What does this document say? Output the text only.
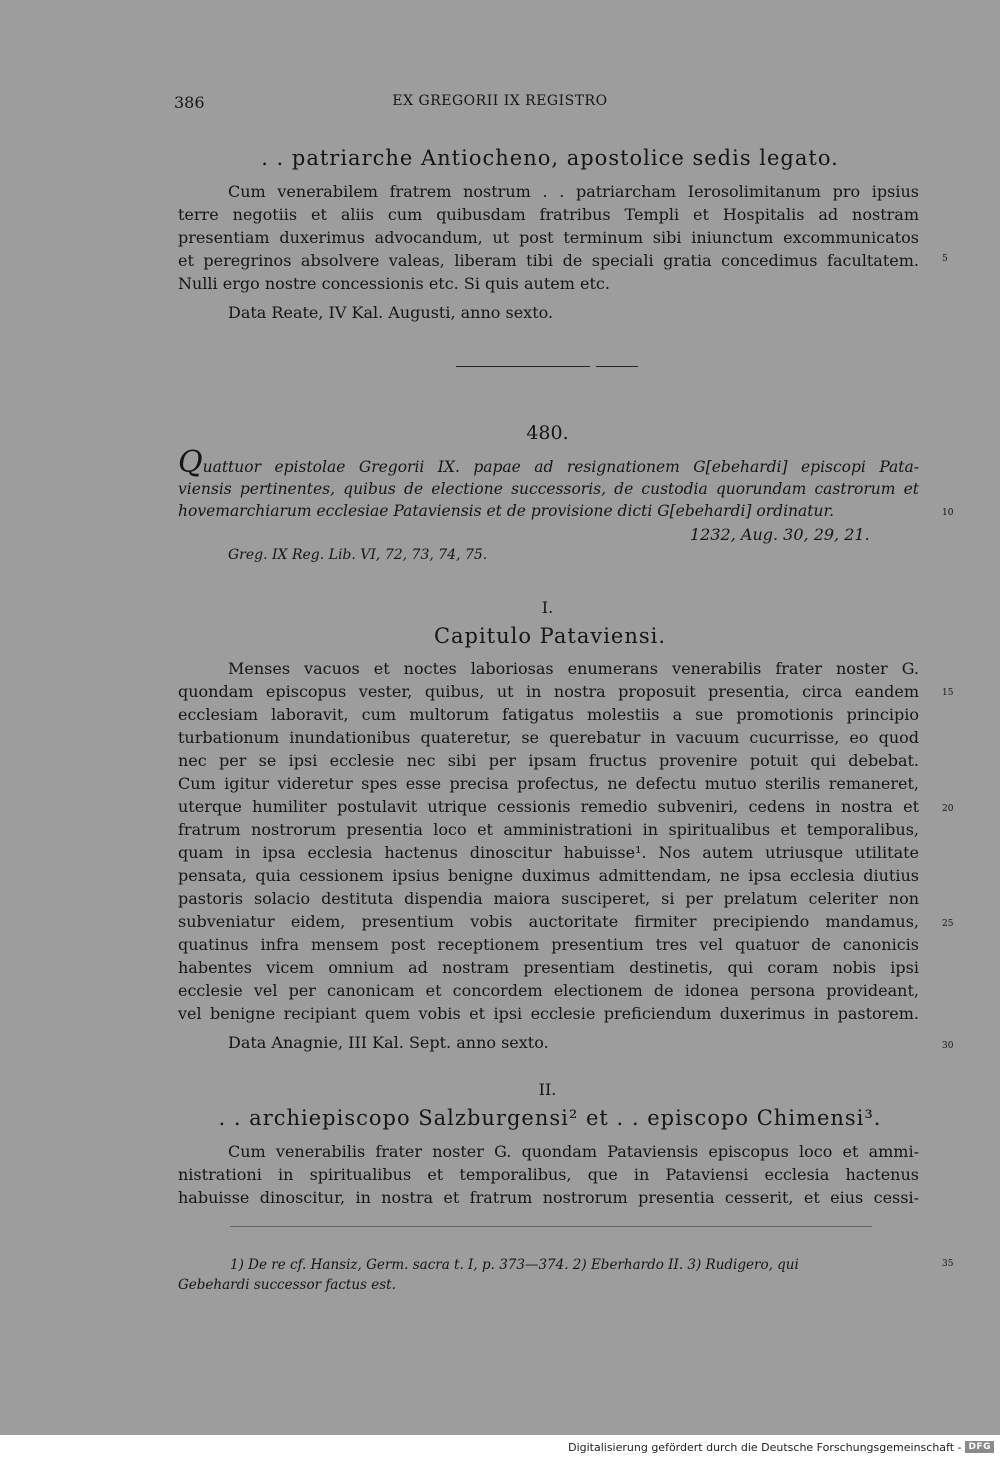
386	EX GREGORII IX REGISTRO
. . patriarche Antiocheno, apostolice sedis legato.

Cum venerabilem fratrem nostrum . . patriarcham Ierosolimitanum pro ipsius

terre negotiis et aliis cum quibusdam fratribus Templi et Hospitalis ad nostram

presentiam duxerimus advocandum, ut post terminum sibi iniunctum excommunicatos

et peregrinos absolvere valeas, liberam tibi de speciali gratia concedimus facultatem.

Nulli ergo nostre concessionis etc. Si quis autem etc.

Data Reate, IV Kal. Augusti, anno sexto.

5
480.
Quattuor epistolae Gregorii IX. papae ad resignationem G[ebehardi] episcopi Pata-
viensis pertinentes, quibus de electione successoris, de custodia quorundam castrorum et
hovemarchiarum ecclesiae Pataviensis et de provisione dicti G[ebehardi] ordinatur.	10
1232, Aug. 30, 29, 21.
Greg. IX Reg. Lib. VI, 72, 73, 74, 75.
I.
Capitulo Pataviensi.

Menses vacuos et noctes laboriosas enumerans venerabilis frater noster G.

quondam episcopus vester, quibus, ut in nostra proposuit presentia, circa eandem

ecclesiam laboravit, cum multorum fatigatus molestiis a sue promotionis principio

turbationum inundationibus quateretur, se querebatur in vacuum cucurrisse, eo quod

nec per se ipsi ecclesie nec sibi per ipsam fructus provenire potuit qui debebat.

Cum igitur videretur spes esse precisa profectus, ne defectu mutuo sterilis remaneret,

uterque humiliter postulavit utrique cessionis remedio subveniri, cedens in nostra et

fratrum nostrorum presentia loco et amministrationi in spiritualibus et temporalibus,

quam in ipsa ecclesia hactenus dinoscitur habuisse¹. Nos autem utriusque utilitate

pensata, quia cessionem ipsius benigne duximus admittendam, ne ipsa ecclesia diutius

pastoris solacio destituta dispendia maiora susciperet, si per prelatum celeriter non

subveniatur eidem, presentium vobis auctoritate firmiter precipiendo mandamus,

quatinus infra mensem post receptionem presentium tres vel quatuor de canonicis

habentes vicem omnium ad nostram presentiam destinetis, qui coram nobis ipsi

ecclesie vel per canonicam et concordem electionem de idonea persona provideant,

vel benigne recipiant quem vobis et ipsi ecclesie preficiendum duxerimus in pastorem.

Data Anagnie, III Kal. Sept. anno sexto.

15
20
25
30
II.
. . archiepiscopo Salzburgensi² et . . episcopo Chimensi³.

Cum venerabilis frater noster G. quondam Pataviensis episcopus loco et ammi-

nistrationi in spiritualibus et temporalibus, que in Pataviensi ecclesia hactenus

habuisse dinoscitur, in nostra et fratrum nostrorum presentia cesserit, et eius cessi-

1) De re cf. Hansiz, Germ. sacra t. I, p. 373—374. 2) Eberhardo II. 3) Rudigero, qui
Gebehardi successor factus est.
35
Digitalisierung gefördert durch die Deutsche Forschungsgemeinschaft - DFG
